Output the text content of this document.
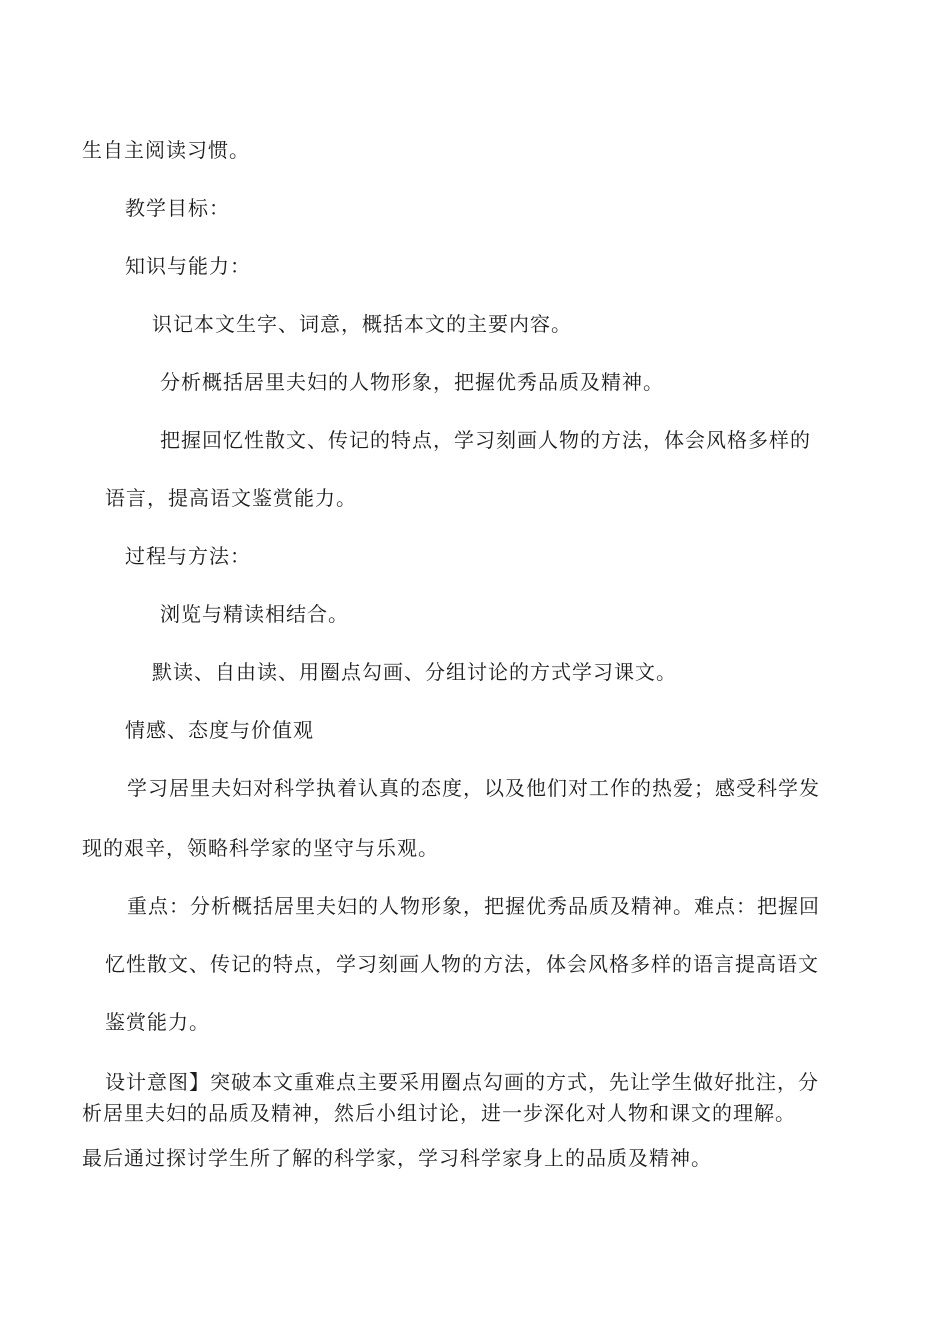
生自主阅读习惯。
教学目标：
知识与能力：
识记本文生字、词意，概括本文的主要内容。
分析概括居里夫妇的人物形象，把握优秀品质及精神。
把握回忆性散文、传记的特点，学习刻画人物的方法，体会风格多样的
语言，提高语文鉴赏能力。
过程与方法：
浏览与精读相结合。
默读、自由读、用圈点勾画、分组讨论的方式学习课文。
情感、态度与价值观
学习居里夫妇对科学执着认真的态度，以及他们对工作的热爱；感受科学发
现的艰辛，领略科学家的坚守与乐观。
重点：分析概括居里夫妇的人物形象，把握优秀品质及精神。难点：把握回
忆性散文、传记的特点，学习刻画人物的方法，体会风格多样的语言提高语文
鉴赏能力。
设计意图】突破本文重难点主要采用圈点勾画的方式，先让学生做好批注，分
析居里夫妇的品质及精神，然后小组讨论，进一步深化对人物和课文的理解。
最后通过探讨学生所了解的科学家，学习科学家身上的品质及精神。
